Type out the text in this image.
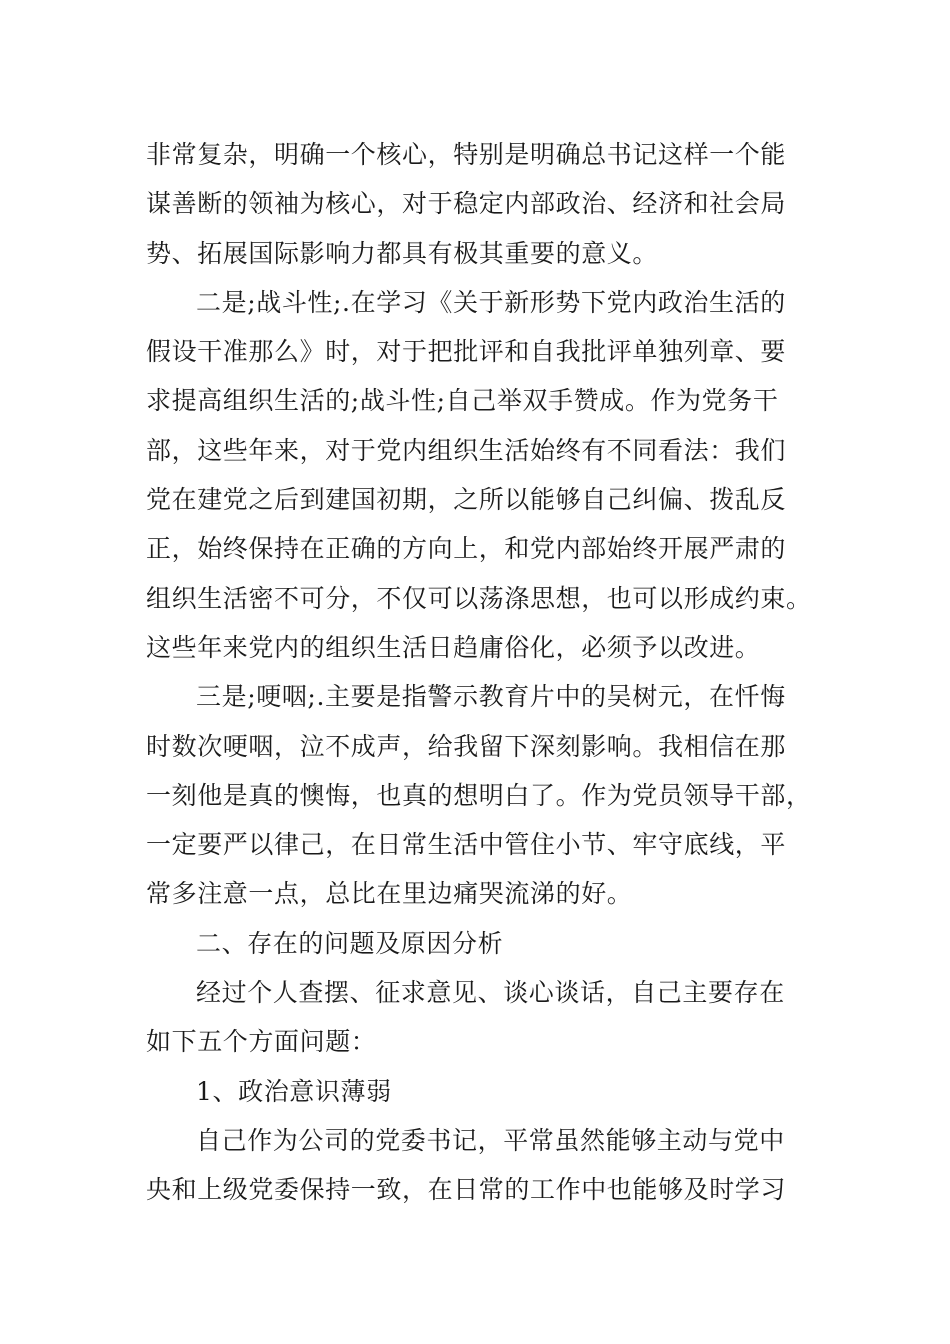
非常复杂，明确一个核心，特别是明确总书记这样一个能
谋善断的领袖为核心，对于稳定内部政治、经济和社会局
势、拓展国际影响力都具有极其重要的意义。
二是;战斗性;.在学习《关于新形势下党内政治生活的
假设干准那么》时，对于把批评和自我批评单独列章、要
求提高组织生活的;战斗性;自己举双手赞成。作为党务干
部，这些年来，对于党内组织生活始终有不同看法：我们
党在建党之后到建国初期，之所以能够自己纠偏、拨乱反
正，始终保持在正确的方向上，和党内部始终开展严肃的
组织生活密不可分，不仅可以荡涤思想，也可以形成约束。
这些年来党内的组织生活日趋庸俗化，必须予以改进。
三是;哽咽;.主要是指警示教育片中的吴树元，在忏悔
时数次哽咽，泣不成声，给我留下深刻影响。我相信在那
一刻他是真的懊悔，也真的想明白了。作为党员领导干部，
一定要严以律己，在日常生活中管住小节、牢守底线，平
常多注意一点，总比在里边痛哭流涕的好。
二、存在的问题及原因分析
经过个人查摆、征求意见、谈心谈话，自己主要存在
如下五个方面问题：
1、政治意识薄弱
自己作为公司的党委书记，平常虽然能够主动与党中
央和上级党委保持一致，在日常的工作中也能够及时学习
